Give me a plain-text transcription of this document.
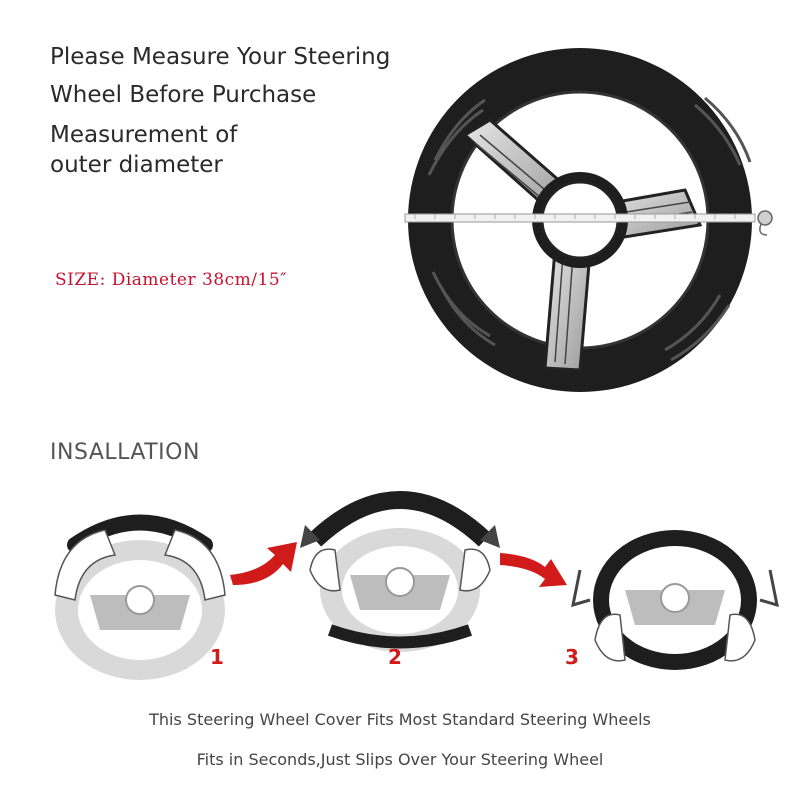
Please Measure Your Steering
Wheel Before Purchase
Measurement of
outer diameter
SIZE: Diameter 38cm/15″
INSALLATION
1	2	3
This Steering Wheel Cover Fits Most Standard Steering Wheels
Fits in Seconds,Just Slips Over Your Steering Wheel
